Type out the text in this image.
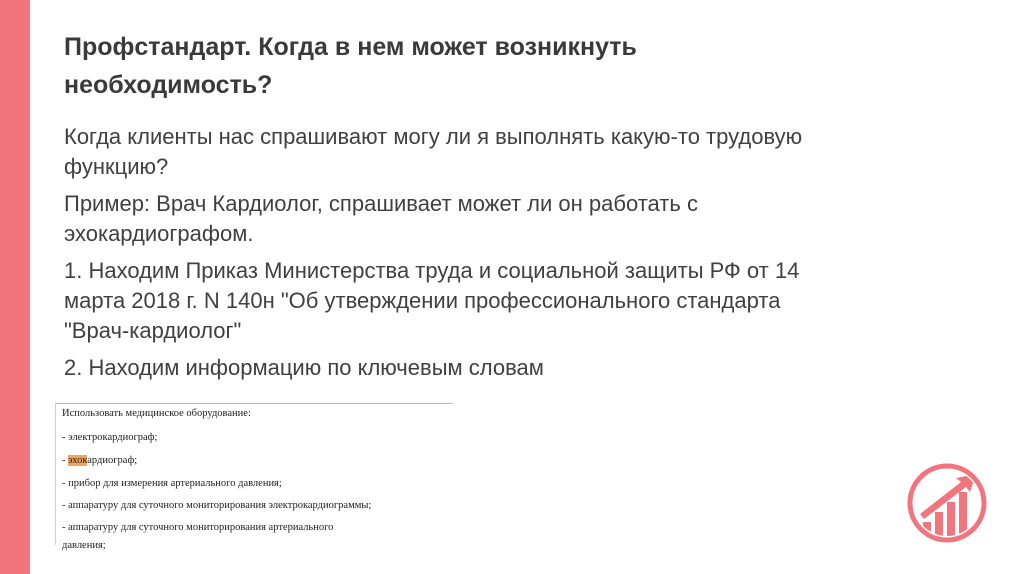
Профстандарт. Когда в нем может возникнуть
необходимость?
Когда клиенты нас спрашивают могу ли я выполнять какую-то трудовую
функцию?
Пример: Врач Кардиолог, спрашивает может ли он работать с
эхокардиографом.
1. Находим Приказ Министерства труда и социальной защиты РФ от 14
марта 2018 г. N 140н "Об утверждении профессионального стандарта
"Врач-кардиолог"
2. Находим информацию по ключевым словам
Использовать медицинское оборудование:
- электрокардиограф;
- эхокардиограф;
- прибор для измерения артериального давления;
- аппаратуру для суточного мониторирования электрокардиограммы;
- аппаратуру для суточного мониторирования артериального
давления;
